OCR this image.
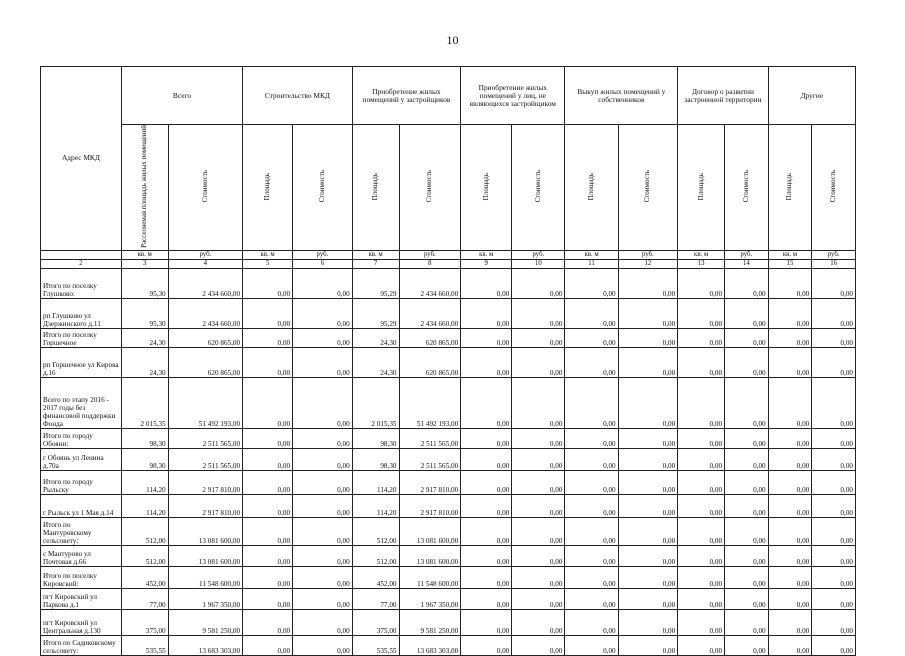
10
Адрес МКД	Всего		Строительство МКД		Приобретение жилых помещений у застройщиков		Приобретение жилых помещений у лиц, не являющихся застройщиком		Выкуп жилых помещений у собственников		Договор о развитии застроенной территории		Другие	
	Расселяемая площадь жилых помещений	Стоимость	Площадь	Стоимость	Площадь	Стоимость	Площадь	Стоимость	Площадь	Стоимость	Площадь	Стоимость	Площадь	Стоимость
	кв. м	руб.	кв. м	руб.	кв. м	руб.	кв. м	руб.	кв. м	руб.	кв. м	руб.	кв. м	руб.
2	3	4	5	6	7	8	9	10	11	12	13	14	15	16
Итого по поселку Глушково:	95,30	2 434 660,00	0,00	0,00	95,29	2 434 660,00	0,00	0,00	0,00	0,00	0,00	0,00	0,00	0,00
рп Глушково ул Дзержинского д.11	95,30	2 434 660,00	0,00	0,00	95,29	2 434 660,00	0,00	0,00	0,00	0,00	0,00	0,00	0,00	0,00
Итого по поселку Горшечное	24,30	620 865,00	0,00	0,00	24,30	620 865,00	0,00	0,00	0,00	0,00	0,00	0,00	0,00	0,00
рп Горшечное ул Кирова д.16	24,30	620 865,00	0,00	0,00	24,30	620 865,00	0,00	0,00	0,00	0,00	0,00	0,00	0,00	0,00
Всего по этапу 2016 - 2017 годы без финансовой поддержки Фонда	2 015,35	51 492 193,00	0,00	0,00	2 015,35	51 492 193,00	0,00	0,00	0,00	0,00	0,00	0,00	0,00	0,00
Итого по городу Обояни:	98,30	2 511 565,00	0,00	0,00	98,30	2 511 565,00	0,00	0,00	0,00	0,00	0,00	0,00	0,00	0,00
г Обоянь ул Ленина д.70а	98,30	2 511 565,00	0,00	0,00	98,30	2 511 565,00	0,00	0,00	0,00	0,00	0,00	0,00	0,00	0,00
Итого по городу Рыльску	114,20	2 917 810,00	0,00	0,00	114,20	2 917 810,00	0,00	0,00	0,00	0,00	0,00	0,00	0,00	0,00
г Рыльск ул 1 Мая д.14	114,20	2 917 810,00	0,00	0,00	114,20	2 917 810,00	0,00	0,00	0,00	0,00	0,00	0,00	0,00	0,00
Итого по Мантуровскому сельсовету:	512,00	13 081 600,00	0,00	0,00	512,00	13 081 600,00	0,00	0,00	0,00	0,00	0,00	0,00	0,00	0,00
с Мантурово ул Почтовая д.66	512,00	13 081 600,00	0,00	0,00	512,00	13 081 600,00	0,00	0,00	0,00	0,00	0,00	0,00	0,00	0,00
Итого по поселку Кировский:	452,00	11 548 600,00	0,00	0,00	452,00	11 548 600,00	0,00	0,00	0,00	0,00	0,00	0,00	0,00	0,00
пгт Кировский ул Паркова д.1	77,00	1 967 350,00	0,00	0,00	77,00	1 967 350,00	0,00	0,00	0,00	0,00	0,00	0,00	0,00	0,00
пгт Кировский ул Центральная д.130	375,00	9 581 250,00	0,00	0,00	375,00	9 581 250,00	0,00	0,00	0,00	0,00	0,00	0,00	0,00	0,00
Итого по Садиковскому сельсовету:	535,55	13 683 303,00	0,00	0,00	535,55	13 683 303,00	0,00	0,00	0,00	0,00	0,00	0,00	0,00	0,00
